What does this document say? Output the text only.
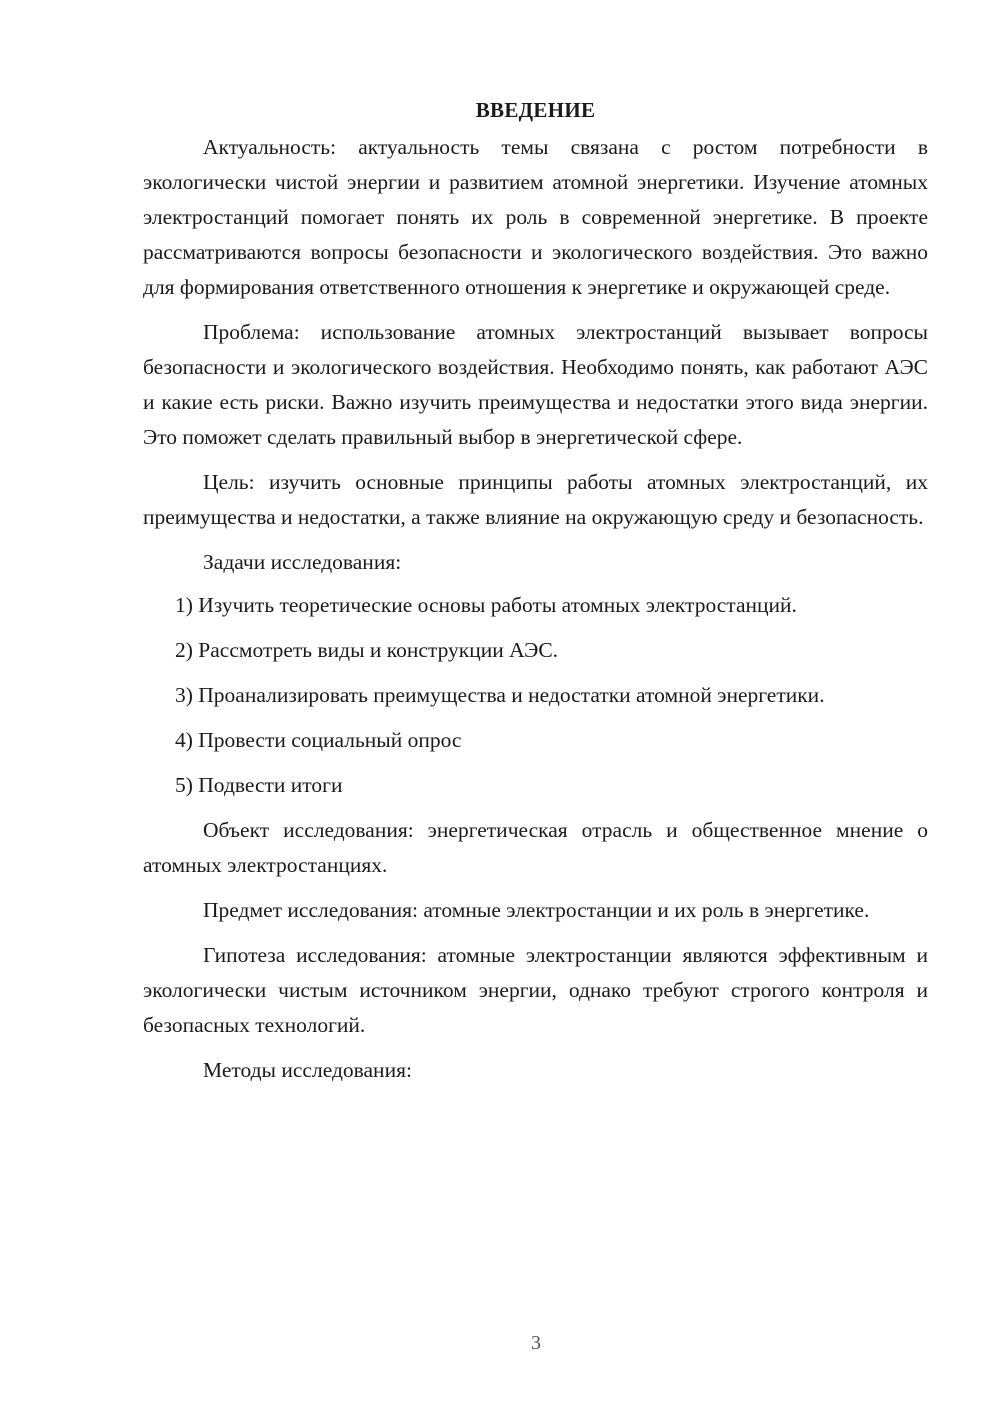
ВВЕДЕНИЕ
Актуальность: актуальность темы связана с ростом потребности в экологически чистой энергии и развитием атомной энергетики. Изучение атомных электростанций помогает понять их роль в современной энергетике. В проекте рассматриваются вопросы безопасности и экологического воздействия. Это важно для формирования ответственного отношения к энергетике и окружающей среде.
Проблема: использование атомных электростанций вызывает вопросы безопасности и экологического воздействия. Необходимо понять, как работают АЭС и какие есть риски. Важно изучить преимущества и недостатки этого вида энергии. Это поможет сделать правильный выбор в энергетической сфере.
Цель: изучить основные принципы работы атомных электростанций, их преимущества и недостатки, а также влияние на окружающую среду и безопасность.
Задачи исследования:
1) Изучить теоретические основы работы атомных электростанций.
2) Рассмотреть виды и конструкции АЭС.
3) Проанализировать преимущества и недостатки атомной энергетики.
4) Провести социальный опрос
5) Подвести итоги
Объект исследования: энергетическая отрасль и общественное мнение о атомных электростанциях.
Предмет исследования: атомные электростанции и их роль в энергетике.
Гипотеза исследования: атомные электростанции являются эффективным и экологически чистым источником энергии, однако требуют строгого контроля и безопасных технологий.
Методы исследования:
3
